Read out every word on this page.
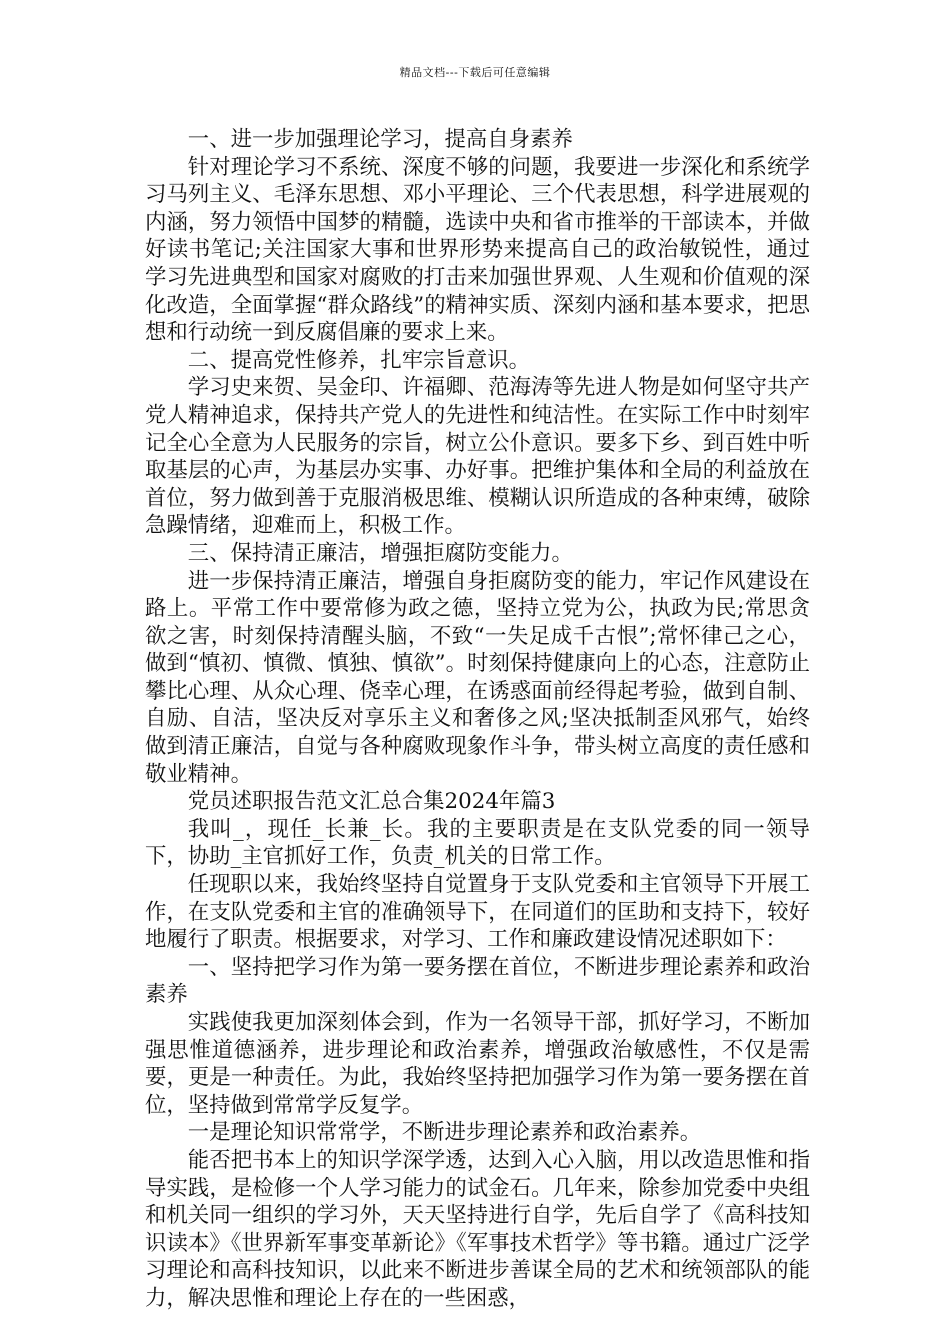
精品文档---下载后可任意编辑

一、进一步加强理论学习，提高自身素养

针对理论学习不系统、深度不够的问题，我要进一步深化和系统学习马列主义、毛泽东思想、邓小平理论、三个代表思想，科学进展观的内涵，努力领悟中国梦的精髓，选读中央和省市推举的干部读本，并做好读书笔记;关注国家大事和世界形势来提高自己的政治敏锐性，通过学习先进典型和国家对腐败的打击来加强世界观、人生观和价值观的深化改造，全面掌握“群众路线”的精神实质、深刻内涵和基本要求，把思想和行动统一到反腐倡廉的要求上来。

二、提高党性修养，扎牢宗旨意识。

学习史来贺、吴金印、许福卿、范海涛等先进人物是如何坚守共产党人精神追求，保持共产党人的先进性和纯洁性。在实际工作中时刻牢记全心全意为人民服务的宗旨，树立公仆意识。要多下乡、到百姓中听取基层的心声，为基层办实事、办好事。把维护集体和全局的利益放在首位，努力做到善于克服消极思维、模糊认识所造成的各种束缚，破除急躁情绪，迎难而上，积极工作。

三、保持清正廉洁，增强拒腐防变能力。

进一步保持清正廉洁，增强自身拒腐防变的能力，牢记作风建设在路上。平常工作中要常修为政之德，坚持立党为公，执政为民;常思贪欲之害，时刻保持清醒头脑，不致“一失足成千古恨”;常怀律己之心，做到“慎初、慎微、慎独、慎欲”。时刻保持健康向上的心态，注意防止攀比心理、从众心理、侥幸心理，在诱惑面前经得起考验，做到自制、自励、自洁，坚决反对享乐主义和奢侈之风;坚决抵制歪风邪气，始终做到清正廉洁，自觉与各种腐败现象作斗争，带头树立高度的责任感和敬业精神。

党员述职报告范文汇总合集2024年篇3

我叫_，现任_长兼_长。我的主要职责是在支队党委的同一领导下，协助_主官抓好工作，负责_机关的日常工作。

任现职以来，我始终坚持自觉置身于支队党委和主官领导下开展工作，在支队党委和主官的准确领导下，在同道们的匡助和支持下，较好地履行了职责。根据要求，对学习、工作和廉政建设情况述职如下：

一、坚持把学习作为第一要务摆在首位，不断进步理论素养和政治素养

实践使我更加深刻体会到，作为一名领导干部，抓好学习，不断加强思惟道德涵养，进步理论和政治素养，增强政治敏感性，不仅是需要，更是一种责任。为此，我始终坚持把加强学习作为第一要务摆在首位，坚持做到常常学反复学。

一是理论知识常常学，不断进步理论素养和政治素养。

能否把书本上的知识学深学透，达到入心入脑，用以改造思惟和指导实践，是检修一个人学习能力的试金石。几年来，除参加党委中央组和机关同一组织的学习外，天天坚持进行自学，先后自学了《高科技知识读本》《世界新军事变革新论》《军事技术哲学》等书籍。通过广泛学习理论和高科技知识，以此来不断进步善谋全局的艺术和统领部队的能力，解决思惟和理论上存在的一些困惑，
